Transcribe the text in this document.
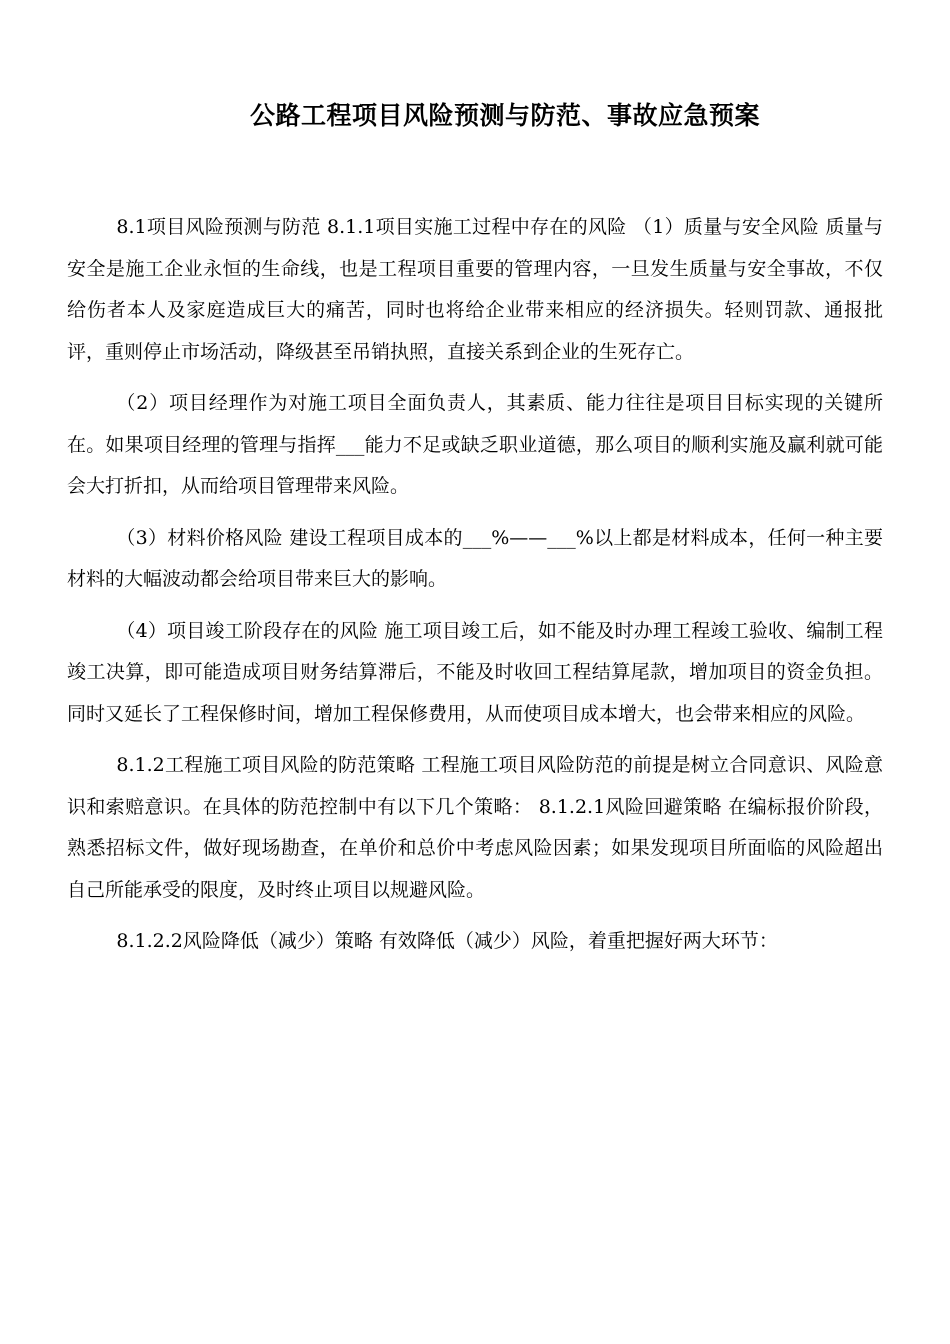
公路工程项目风险预测与防范、事故应急预案

8.1项目风险预测与防范 8.1.1项目实施工过程中存在的风险 （1）质量与安全风险 质量与安全是施工企业永恒的生命线，也是工程项目重要的管理内容，一旦发生质量与安全事故，不仅给伤者本人及家庭造成巨大的痛苦，同时也将给企业带来相应的经济损失。轻则罚款、通报批评，重则停止市场活动，降级甚至吊销执照，直接关系到企业的生死存亡。

（2）项目经理作为对施工项目全面负责人，其素质、能力往往是项目目标实现的关键所在。如果项目经理的管理与指挥___能力不足或缺乏职业道德，那么项目的顺利实施及赢利就可能会大打折扣，从而给项目管理带来风险。

（3）材料价格风险 建设工程项目成本的___%——___%以上都是材料成本，任何一种主要材料的大幅波动都会给项目带来巨大的影响。

（4）项目竣工阶段存在的风险 施工项目竣工后，如不能及时办理工程竣工验收、编制工程竣工决算，即可能造成项目财务结算滞后，不能及时收回工程结算尾款，增加项目的资金负担。同时又延长了工程保修时间，增加工程保修费用，从而使项目成本增大，也会带来相应的风险。

8.1.2工程施工项目风险的防范策略 工程施工项目风险防范的前提是树立合同意识、风险意识和索赔意识。在具体的防范控制中有以下几个策略： 8.1.2.1风险回避策略 在编标报价阶段，熟悉招标文件，做好现场勘查，在单价和总价中考虑风险因素；如果发现项目所面临的风险超出自己所能承受的限度，及时终止项目以规避风险。

8.1.2.2风险降低（减少）策略 有效降低（减少）风险，着重把握好两大环节：
